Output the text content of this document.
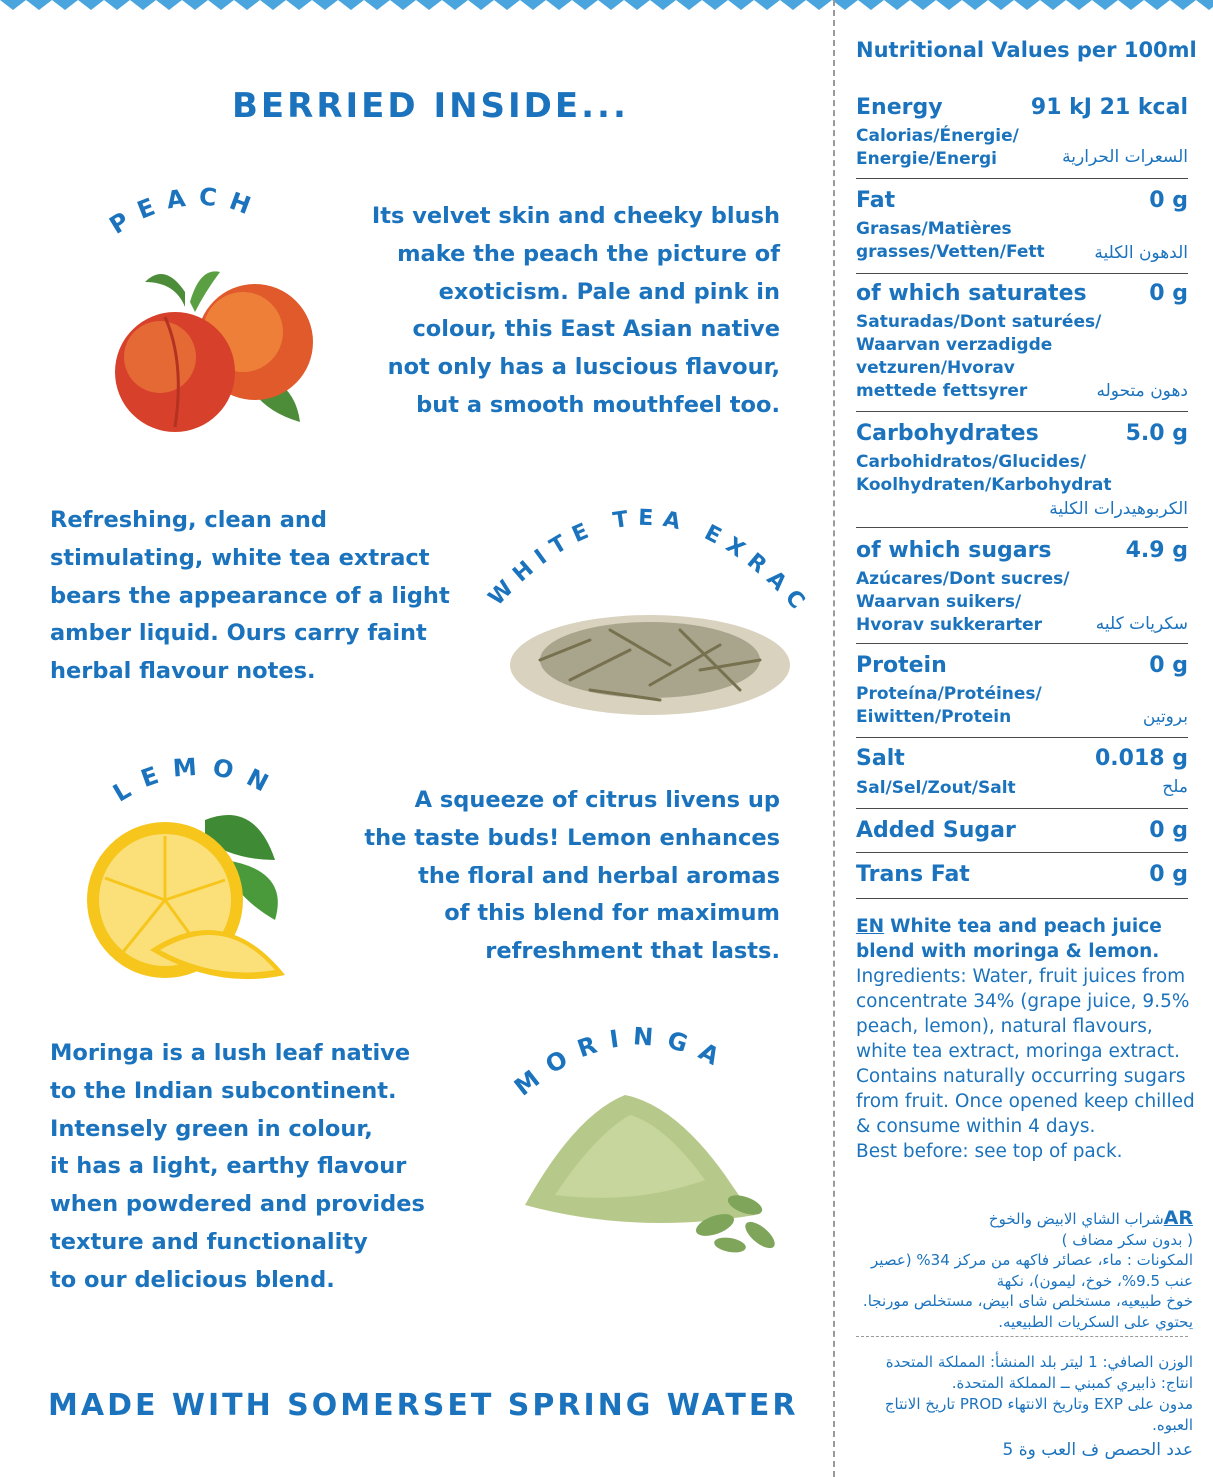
BERRIED INSIDE...
PEACH	Its velvet skin and cheeky blush
make the peach the picture of
exoticism. Pale and pink in
colour, this East Asian native
not only has a luscious flavour,
but a smooth mouthfeel too.
Refreshing, clean and
stimulating, white tea extract
bears the appearance of a light
amber liquid. Ours carry faint
herbal flavour notes.
WHITE TEA EXRACT
LEMON	A squeeze of citrus livens up
the taste buds! Lemon enhances
the floral and herbal aromas
of this blend for maximum
refreshment that lasts.
Moringa is a lush leaf native
to the Indian subcontinent.
Intensely green in colour,
it has a light, earthy flavour
when powdered and provides
texture and functionality
to our delicious blend.
MORINGA
MADE WITH SOMERSET SPRING WATER
Nutritional Values per 100ml
Energy	91 kJ 21 kcal
Calorias/Énergie/
Energie/Energi	السعرات الحرارية
Fat	0 g
Grasas/Matières
grasses/Vetten/Fett	الدهون الكلية
of which saturates	0 g
Saturadas/Dont saturées/
Waarvan verzadigde
vetzuren/Hvorav
mettede fettsyrer	دهون متحوله
Carbohydrates	5.0 g
Carbohidratos/Glucides/
Koolhydraten/Karbohydrat
الكربوهيدرات الكلية
of which sugars	4.9 g
Azúcares/Dont sucres/
Waarvan suikers/
Hvorav sukkerarter	سكريات كليه
Protein	0 g
Proteína/Protéines/
Eiwitten/Protein	بروتين
Salt	0.018 g
Sal/Sel/Zout/Salt	ملح
Added Sugar	0 g
Trans Fat	0 g

EN White tea and peach juice blend with moringa & lemon.
Ingredients: Water, fruit juices from concentrate 34% (grape juice, 9.5% peach, lemon), natural flavours, white tea extract, moringa extract. Contains naturally occurring sugars from fruit. Once opened keep chilled & consume within 4 days.
Best before: see top of pack.

ARشراب الشاي الابيض والخوخ

( بدون سكر مضاف )

المكونات : ماء، عصائر فاكهه من مركز 34% (عصير عنب 9.5%، خوخ، ليمون)، نكهة

خوخ طبيعيه، مستخلص شاى ابيض، مستخلص مورنجا.

يحتوي على السكريات الطبيعيه.

الوزن الصافي: 1 ليتر بلد المنشأ: المملكة المتحدة

انتاج: ذابيري كمبني ــ المملكة المتحدة.

مدون على EXP وتاريخ الانتهاء PROD تاريخ الانتاج العبوه.

عدد الحصص ف العب وة 5
